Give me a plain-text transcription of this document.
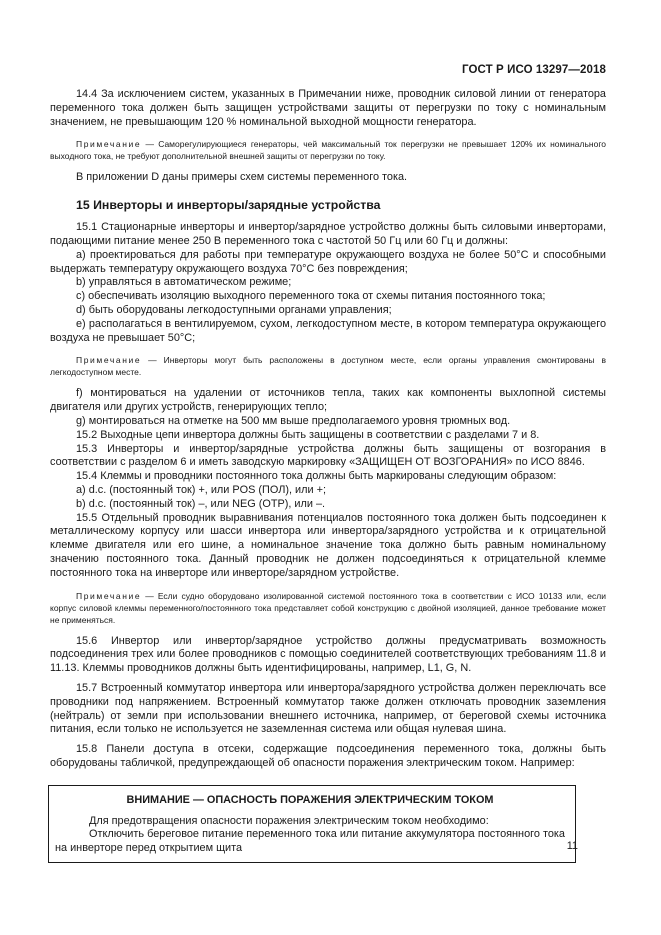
ГОСТ Р ИСО 13297—2018

14.4 За исключением систем, указанных в Примечании ниже, проводник силовой линии от генератора переменного тока должен быть защищен устройствами защиты от перегрузки по току с номинальным значением, не превышающим 120 % номинальной выходной мощности генератора.

Примечание — Саморегулирующиеся генераторы, чей максимальный ток перегрузки не превышает 120% их номинального выходного тока, не требуют дополнительной внешней защиты от перегрузки по току.

В приложении D даны примеры схем системы переменного тока.

15 Инверторы и инверторы/зарядные устройства

15.1 Стационарные инверторы и инвертор/зарядное устройство должны быть силовыми инверторами, подающими питание менее 250 В переменного тока с частотой 50 Гц или 60 Гц и должны:

a) проектироваться для работы при температуре окружающего воздуха не более 50°C и способными выдержать температуру окружающего воздуха 70°C без повреждения;

b) управляться в автоматическом режиме;

c) обеспечивать изоляцию выходного переменного тока от схемы питания постоянного тока;

d) быть оборудованы легкодоступными органами управления;

e) располагаться в вентилируемом, сухом, легкодоступном месте, в котором температура окружающего воздуха не превышает 50°C;

Примечание — Инверторы могут быть расположены в доступном месте, если органы управления смонтированы в легкодоступном месте.

f) монтироваться на удалении от источников тепла, таких как компоненты выхлопной системы двигателя или других устройств, генерирующих тепло;

g) монтироваться на отметке на 500 мм выше предполагаемого уровня трюмных вод.

15.2 Выходные цепи инвертора должны быть защищены в соответствии с разделами 7 и 8.

15.3 Инверторы и инвертор/зарядные устройства должны быть защищены от возгорания в соответствии с разделом 6 и иметь заводскую маркировку «ЗАЩИЩЕН ОТ ВОЗГОРАНИЯ» по ИСО 8846.

15.4 Клеммы и проводники постоянного тока должны быть маркированы следующим образом:

a) d.c. (постоянный ток) +, или POS (ПОЛ), или +;

b) d.c. (постоянный ток) –, или NEG (OTP), или –.

15.5 Отдельный проводник выравнивания потенциалов постоянного тока должен быть подсоединен к металлическому корпусу или шасси инвертора или инвертора/зарядного устройства и к отрицательной клемме двигателя или его шине, а номинальное значение тока должно быть равным номинальному значению постоянного тока. Данный проводник не должен подсоединяться к отрицательной клемме постоянного тока на инверторе или инверторе/зарядном устройстве.

Примечание — Если судно оборудовано изолированной системой постоянного тока в соответствии с ИСО 10133 или, если корпус силовой клеммы переменного/постоянного тока представляет собой конструкцию с двойной изоляцией, данное требование может не применяться.

15.6 Инвертор или инвертор/зарядное устройство должны предусматривать возможность подсоединения трех или более проводников с помощью соединителей соответствующих требованиям 11.8 и 11.13. Клеммы проводников должны быть идентифицированы, например, L1, G, N.

15.7 Встроенный коммутатор инвертора или инвертора/зарядного устройства должен переключать все проводники под напряжением. Встроенный коммутатор также должен отключать проводник заземления (нейтраль) от земли при использовании внешнего источника, например, от береговой схемы источника питания, если только не используется не заземленная система или общая нулевая шина.

15.8 Панели доступа в отсеки, содержащие подсоединения переменного тока, должны быть оборудованы табличкой, предупреждающей об опасности поражения электрическим током. Например:

ВНИМАНИЕ — ОПАСНОСТЬ ПОРАЖЕНИЯ ЭЛЕКТРИЧЕСКИМ ТОКОМ

Для предотвращения опасности поражения электрическим током необходимо:

Отключить береговое питание переменного тока или питание аккумулятора постоянного тока на инверторе перед открытием щита	11
